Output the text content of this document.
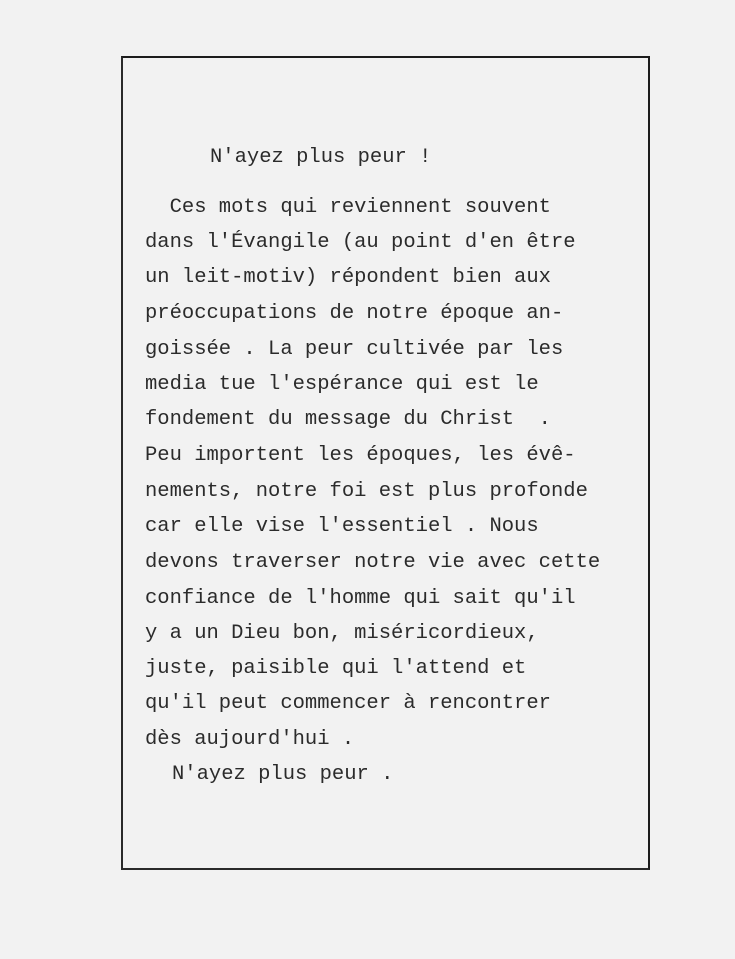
N'ayez plus peur !

Ces mots qui reviennent souvent

dans l'Évangile (au point d'en être

un leit-motiv) répondent bien aux

préoccupations de notre époque an-

goissée . La peur cultivée par les

media tue l'espérance qui est le

fondement du message du Christ  .

Peu importent les époques, les évê-

nements, notre foi est plus profonde

car elle vise l'essentiel . Nous

devons traverser notre vie avec cette

confiance de l'homme qui sait qu'il

y a un Dieu bon, miséricordieux,

juste, paisible qui l'attend et

qu'il peut commencer à rencontrer

dès aujourd'hui .

N'ayez plus peur .
